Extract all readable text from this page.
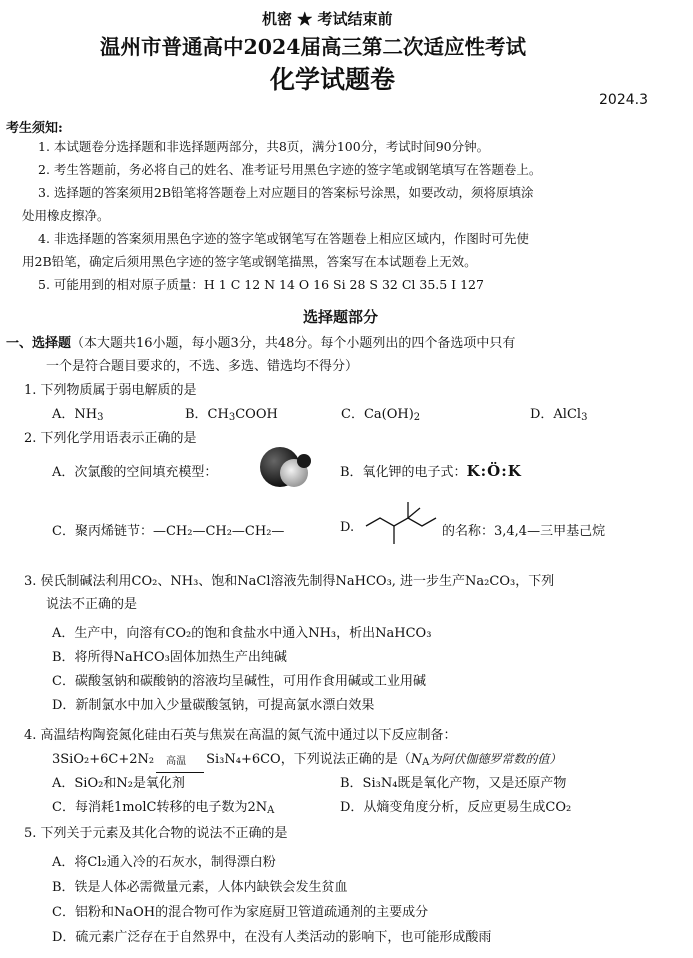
机密 ★ 考试结束前
温州市普通高中2024届高三第二次适应性考试
化学试题卷
2024.3
考生须知:
1. 本试题卷分选择题和非选择题两部分，共8页，满分100分，考试时间90分钟。
2. 考生答题前，务必将自己的姓名、准考证号用黑色字迹的签字笔或钢笔填写在答题卷上。
3. 选择题的答案须用2B铅笔将答题卷上对应题目的答案标号涂黑，如要改动，须将原填涂
处用橡皮擦净。
4. 非选择题的答案须用黑色字迹的签字笔或钢笔写在答题卷上相应区域内，作图时可先使
用2B铅笔，确定后须用黑色字迹的签字笔或钢笔描黑，答案写在本试题卷上无效。
5. 可能用到的相对原子质量：H 1 C 12 N 14 O 16 Si 28 S 32 Cl 35.5 I 127
选择题部分
一、选择题（本大题共16小题，每小题3分，共48分。每个小题列出的四个备选项中只有
一个是符合题目要求的，不选、多选、错选均不得分）
1. 下列物质属于弱电解质的是
A．$NH_3$	B．$CH_3COOH$	C．$Ca(OH)_2$	D．AlCl$_3$
2. 下列化学用语表示正确的是
A．次氯酸的空间填充模型：	B．氧化钾的电子式：K:Ö:K
C．聚丙烯链节：—CH₂—CH₂—CH₂—	D.	的名称：3,4,4—三甲基己烷
3. 侯氏制碱法利用CO₂、NH₃、饱和NaCl溶液先制得NaHCO₃, 进一步生产Na₂CO₃，下列
说法不正确的是
A．生产中，向溶有CO₂的饱和食盐水中通入NH₃，析出NaHCO₃
B．将所得NaHCO₃固体加热生产出纯碱
C．碳酸氢钠和碳酸钠的溶液均呈碱性，可用作食用碱或工业用碱
D．新制氯水中加入少量碳酸氢钠，可提高氯水漂白效果
4. 高温结构陶瓷氮化硅由石英与焦炭在高温的氮气流中通过以下反应制备：
3SiO₂+6C+2N₂ 高温 Si₃N₄+6CO，下列说法正确的是（$N_A$为阿伏伽德罗常数的值）
A．SiO₂和N₂是氧化剂	B．Si₃N₄既是氧化产物，又是还原产物
C．每消耗1molC转移的电子数为$2N_A$	D．从熵变角度分析，反应更易生成CO₂
5. 下列关于元素及其化合物的说法不正确的是
A．将Cl₂通入冷的石灰水，制得漂白粉
B．铁是人体必需微量元素，人体内缺铁会发生贫血
C．铝粉和NaOH的混合物可作为家庭厨卫管道疏通剂的主要成分
D．硫元素广泛存在于自然界中，在没有人类活动的影响下，也可能形成酸雨
